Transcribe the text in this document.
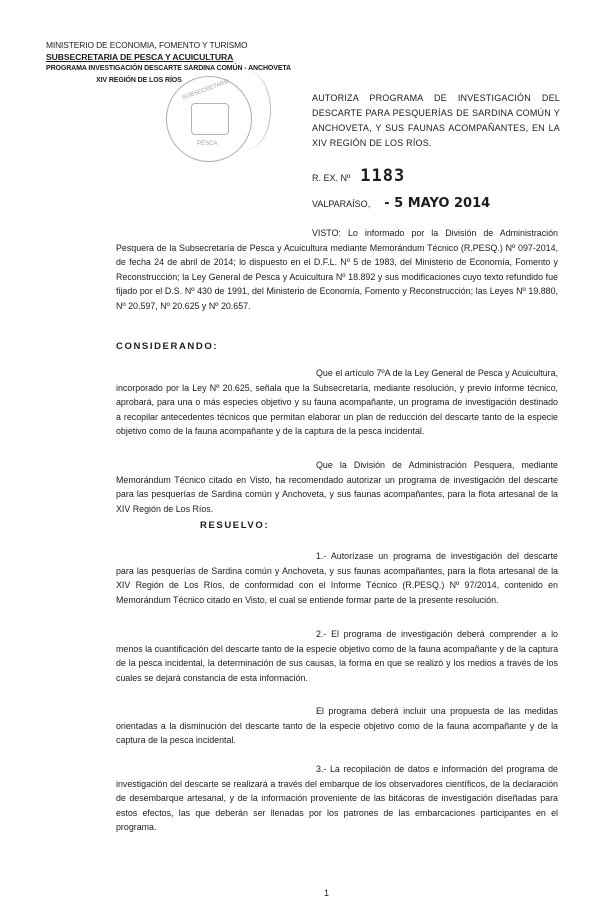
MINISTERIO DE ECONOMIA, FOMENTO Y TURISMO
SUBSECRETARIA DE PESCA Y ACUICULTURA
PROGRAMA INVESTIGACIÓN DESCARTE SARDINA COMÚN - ANCHOVETA
XIV REGIÓN DE LOS RÍOS SUBSECRETARIA
PESCA
AUTORIZA PROGRAMA DE INVESTIGACIÓN DEL DESCARTE PARA PESQUERÍAS DE SARDINA COMÚN Y ANCHOVETA, Y SUS FAUNAS ACOMPAÑANTES, EN LA XIV REGIÓN DE LOS RÍOS.
R. EX. Nº 1183
VALPARAÍSO, - 5 MAYO 2014

VISTO: Lo informado por la División de Administración Pesquera de la Subsecretaría de Pesca y Acuicultura mediante Memorándum Técnico (R.PESQ.) Nº 097-2014, de fecha 24 de abril de 2014; lo dispuesto en el D.F.L. Nº 5 de 1983, del Ministerio de Economía, Fomento y Reconstrucción; la Ley General de Pesca y Acuicultura Nº 18.892 y sus modificaciones cuyo texto refundido fue fijado por el D.S. Nº 430 de 1991, del Ministerio de Economía, Fomento y Reconstrucción; las Leyes Nº 19.880, Nº 20.597, Nº 20.625 y Nº 20.657.

CONSIDERANDO:

Que el artículo 7ºA de la Ley General de Pesca y Acuicultura, incorporado por la Ley Nº 20.625, señala que la Subsecretaría, mediante resolución, y previo informe técnico, aprobará, para una o más especies objetivo y su fauna acompañante, un programa de investigación destinado a recopilar antecedentes técnicos que permitan elaborar un plan de reducción del descarte tanto de la especie objetivo como de la fauna acompañante y de la captura de la pesca incidental.

Que la División de Administración Pesquera, mediante Memorándum Técnico citado en Visto, ha recomendado autorizar un programa de investigación del descarte para las pesquerías de Sardina común y Anchoveta, y sus faunas acompañantes, para la flota artesanal de la XIV Región de Los Ríos.

RESUELVO:

1.- Autorízase un programa de investigación del descarte para las pesquerías de Sardina común y Anchoveta, y sus faunas acompañantes, para la flota artesanal de la XIV Región de Los Ríos, de conformidad con el Informe Técnico (R.PESQ.) Nº 97/2014, contenido en Memorándum Técnico citado en Visto, el cual se entiende formar parte de la presente resolución.

2.- El programa de investigación deberá comprender a lo menos la cuantificación del descarte tanto de la especie objetivo como de la fauna acompañante y de la captura de la pesca incidental, la determinación de sus causas, la forma en que se realizó y los medios a través de los cuales se dejará constancia de esta información.

El programa deberá incluir una propuesta de las medidas orientadas a la disminución del descarte tanto de la especie objetivo como de la fauna acompañante y de la captura de la pesca incidental.

3.- La recopilación de datos e información del programa de investigación del descarte se realizará a través del embarque de los observadores científicos, de la declaración de desembarque artesanal, y de la información proveniente de las bitácoras de investigación diseñadas para estos efectos, las que deberán ser llenadas por los patrones de las embarcaciones participantes en el programa.

1
